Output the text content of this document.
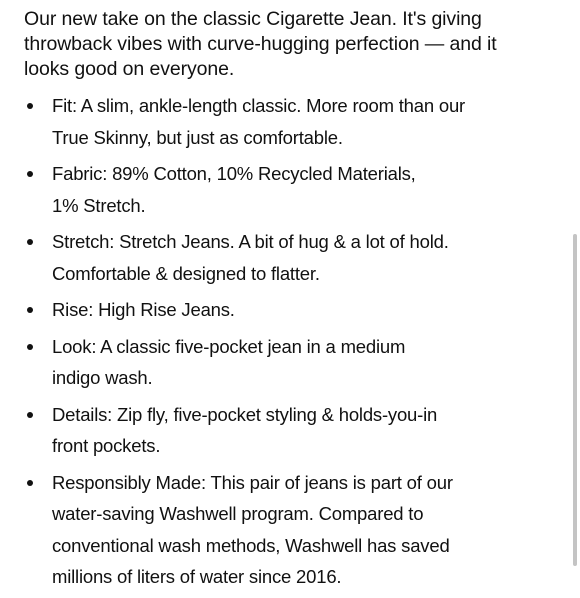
Our new take on the classic Cigarette Jean. It's giving
throwback vibes with curve-hugging perfection — and it
looks good on everyone.

Fit: A slim, ankle-length classic. More room than our
True Skinny, but just as comfortable.
Fabric: 89% Cotton, 10% Recycled Materials,
1% Stretch.
Stretch: Stretch Jeans. A bit of hug & a lot of hold.
Comfortable & designed to flatter.
Rise: High Rise Jeans.
Look: A classic five-pocket jean in a medium
indigo wash.
Details: Zip fly, five-pocket styling & holds-you-in
front pockets.
Responsibly Made: This pair of jeans is part of our
water-saving Washwell program. Compared to
conventional wash methods, Washwell has saved
millions of liters of water since 2016.
